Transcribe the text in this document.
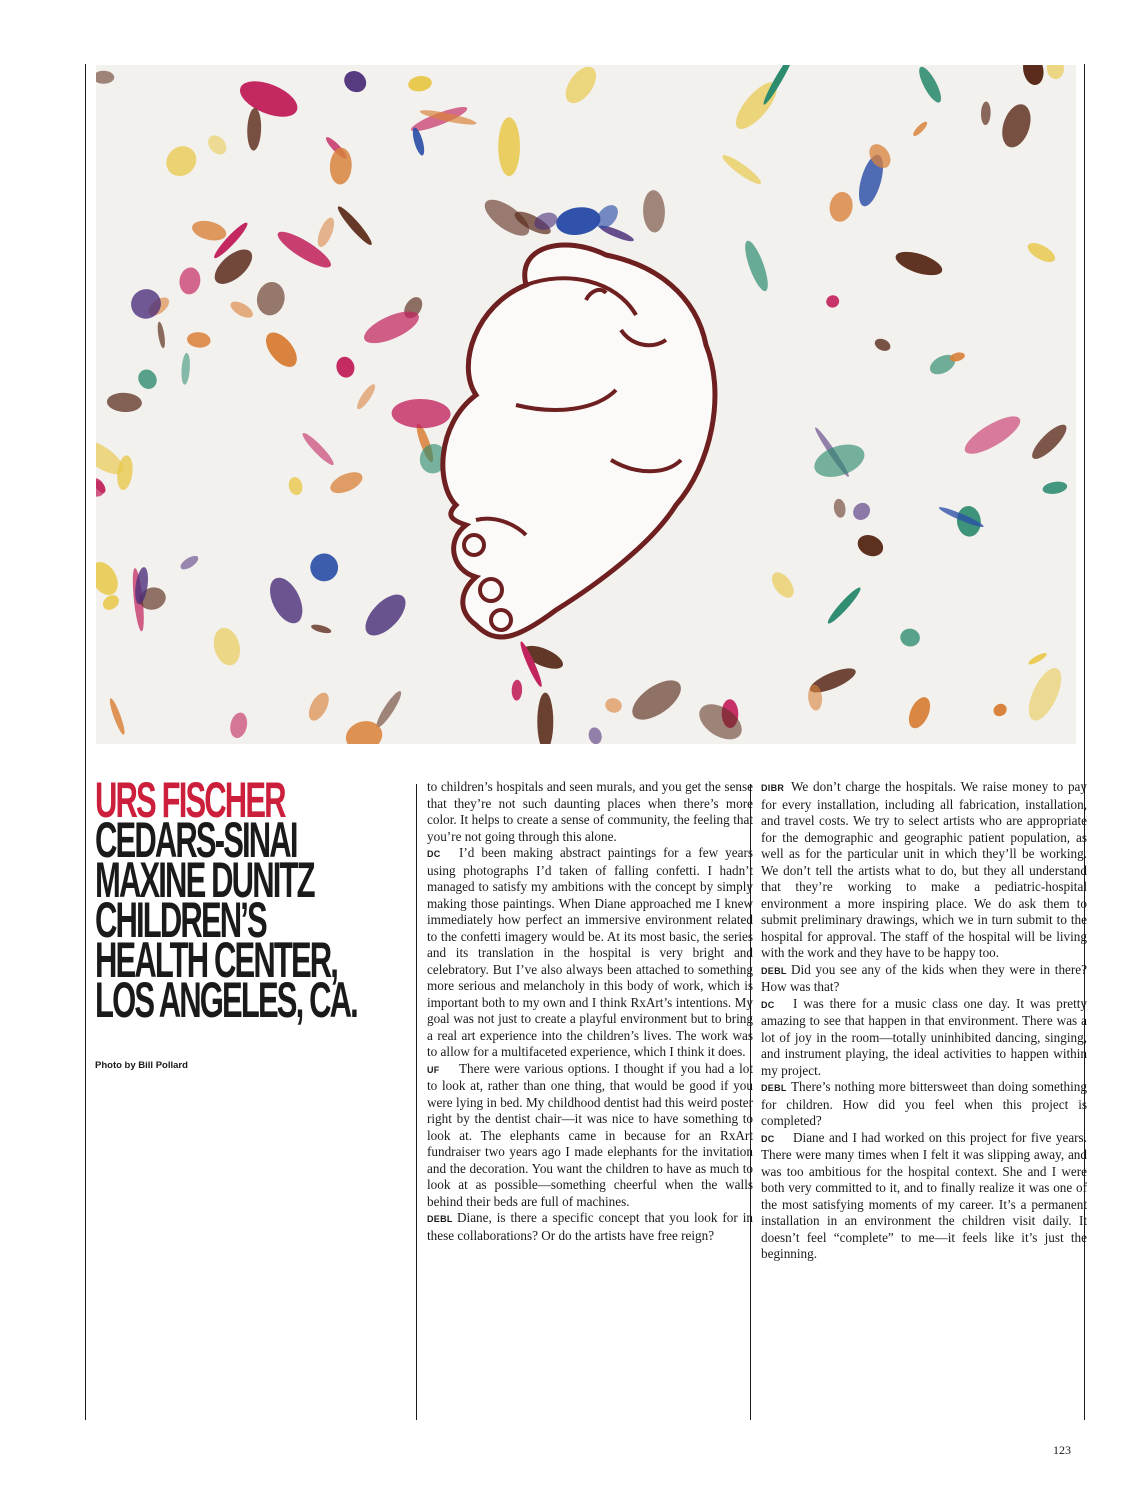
URS FISCHER
CEDARS-SINAI
MAXINE DUNITZ
CHILDREN’S
HEALTH CENTER,
LOS ANGELES, CA.
Photo by Bill Pollard

to children’s hospitals and seen murals, and you get the sense that they’re not such daunting places when there’s more color. It helps to create a sense of community, the feeling that you’re not going through this alone.

DC I’d been making abstract paintings for a few years using photographs I’d taken of falling confetti. I hadn’t managed to satisfy my ambitions with the concept by simply making those paintings. When Diane approached me I knew immediately how perfect an immersive environment related to the confetti imagery would be. At its most basic, the series and its translation in the hospital is very bright and celebratory. But I’ve also always been attached to something more serious and melancholy in this body of work, which is important both to my own and I think RxArt’s intentions. My goal was not just to create a playful environment but to bring a real art experience into the children’s lives. The work was to allow for a multifaceted experience, which I think it does.

UF There were various options. I thought if you had a lot to look at, rather than one thing, that would be good if you were lying in bed. My childhood dentist had this weird poster right by the dentist chair—it was nice to have something to look at. The elephants came in because for an RxArt fundraiser two years ago I made elephants for the invitation and the decoration. You want the children to have as much to look at as possible—something cheerful when the walls behind their beds are full of machines.

DEBL Diane, is there a specific concept that you look for in these collaborations? Or do the artists have free reign?

DIBR We don’t charge the hospitals. We raise money to pay for every installation, including all fabrication, installation, and travel costs. We try to select artists who are appropriate for the demographic and geographic patient population, as well as for the particular unit in which they’ll be working. We don’t tell the artists what to do, but they all understand that they’re working to make a pediatric-hospital environment a more inspiring place. We do ask them to submit preliminary drawings, which we in turn submit to the hospital for approval. The staff of the hospital will be living with the work and they have to be happy too.

DEBL Did you see any of the kids when they were in there? How was that?

DC I was there for a music class one day. It was pretty amazing to see that happen in that environment. There was a lot of joy in the room—totally uninhibited dancing, singing, and instrument playing, the ideal activities to happen within my project.

DEBL There’s nothing more bittersweet than doing something for children. How did you feel when this project is completed?

DC Diane and I had worked on this project for five years. There were many times when I felt it was slipping away, and was too ambitious for the hospital context. She and I were both very committed to it, and to finally realize it was one of the most satisfying moments of my career. It’s a permanent installation in an environment the children visit daily. It doesn’t feel “complete” to me—it feels like it’s just the beginning.

123
